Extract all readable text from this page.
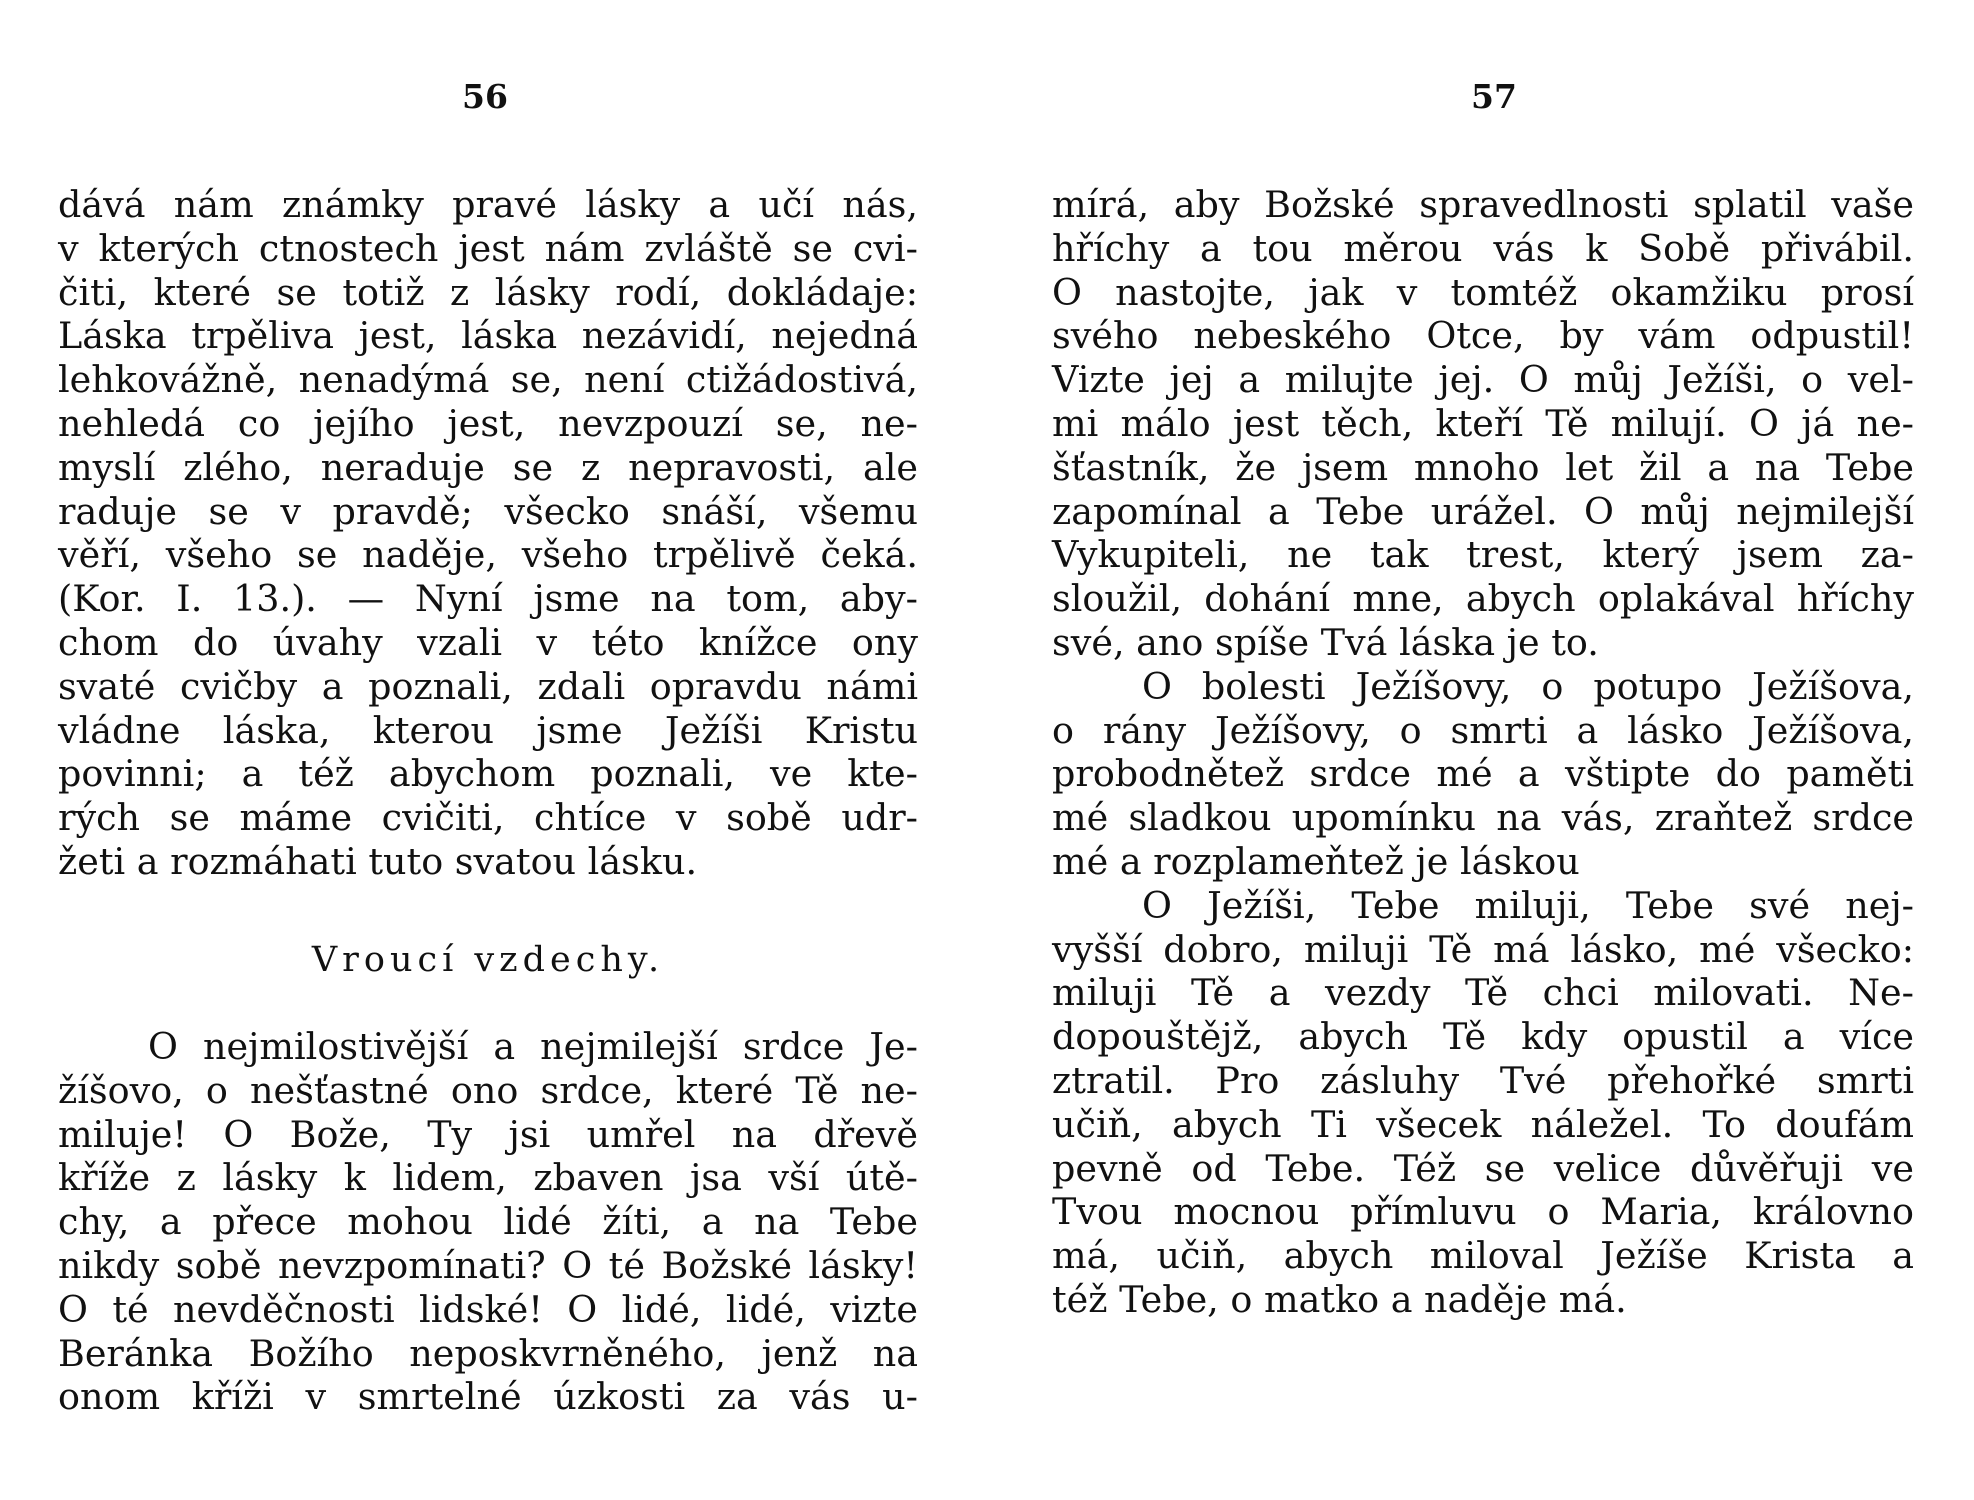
56
dává nám známky pravé lásky a učí nás,
v kterých ctnostech jest nám zvláště se cvi-
čiti, které se totiž z lásky rodí, dokládaje:
Láska trpěliva jest, láska nezávidí, nejedná
lehkovážně, nenadýmá se, není ctižádostivá,
nehledá co jejího jest, nevzpouzí se, ne-
myslí zlého, neraduje se z nepravosti, ale
raduje se v pravdě; všecko snáší, všemu
věří, všeho se naděje, všeho trpělivě čeká.
(Kor. I. 13.). — Nyní jsme na tom, aby-
chom do úvahy vzali v této knížce ony
svaté cvičby a poznali, zdali opravdu námi
vládne láska, kterou jsme Ježíši Kristu
povinni; a též abychom poznali, ve kte-
rých se máme cvičiti, chtíce v sobě udr-
žeti a rozmáhati tuto svatou lásku.
Vroucí vzdechy.
O nejmilostivější a nejmilejší srdce Je-
žíšovo, o nešťastné ono srdce, které Tě ne-
miluje! O Bože, Ty jsi umřel na dřevě
kříže z lásky k lidem, zbaven jsa vší útě-
chy, a přece mohou lidé žíti, a na Tebe
nikdy sobě nevzpomínati? O té Božské lásky!
O té nevděčnosti lidské! O lidé, lidé, vizte
Beránka Božího neposkvrněného, jenž na
onom kříži v smrtelné úzkosti za vás u-
57
mírá, aby Božské spravedlnosti splatil vaše
hříchy a tou měrou vás k Sobě přivábil.
O nastojte, jak v tomtéž okamžiku prosí
svého nebeského Otce, by vám odpustil!
Vizte jej a milujte jej. O můj Ježíši, o vel-
mi málo jest těch, kteří Tě milují. O já ne-
šťastník, že jsem mnoho let žil a na Tebe
zapomínal a Tebe urážel. O můj nejmilejší
Vykupiteli, ne tak trest, který jsem za-
sloužil, dohání mne, abych oplakával hříchy
své, ano spíše Tvá láska je to.
O bolesti Ježíšovy, o potupo Ježíšova,
o rány Ježíšovy, o smrti a lásko Ježíšova,
probodnětež srdce mé a vštipte do paměti
mé sladkou upomínku na vás, zraňtež srdce
mé a rozplameňtež je láskou
O Ježíši, Tebe miluji, Tebe své nej-
vyšší dobro, miluji Tě má lásko, mé všecko:
miluji Tě a vezdy Tě chci milovati. Ne-
dopouštějž, abych Tě kdy opustil a více
ztratil. Pro zásluhy Tvé přehořké smrti
učiň, abych Ti všecek náležel. To doufám
pevně od Tebe. Též se velice důvěřuji ve
Tvou mocnou přímluvu o Maria, královno
má, učiň, abych miloval Ježíše Krista a
též Tebe, o matko a naděje má.
